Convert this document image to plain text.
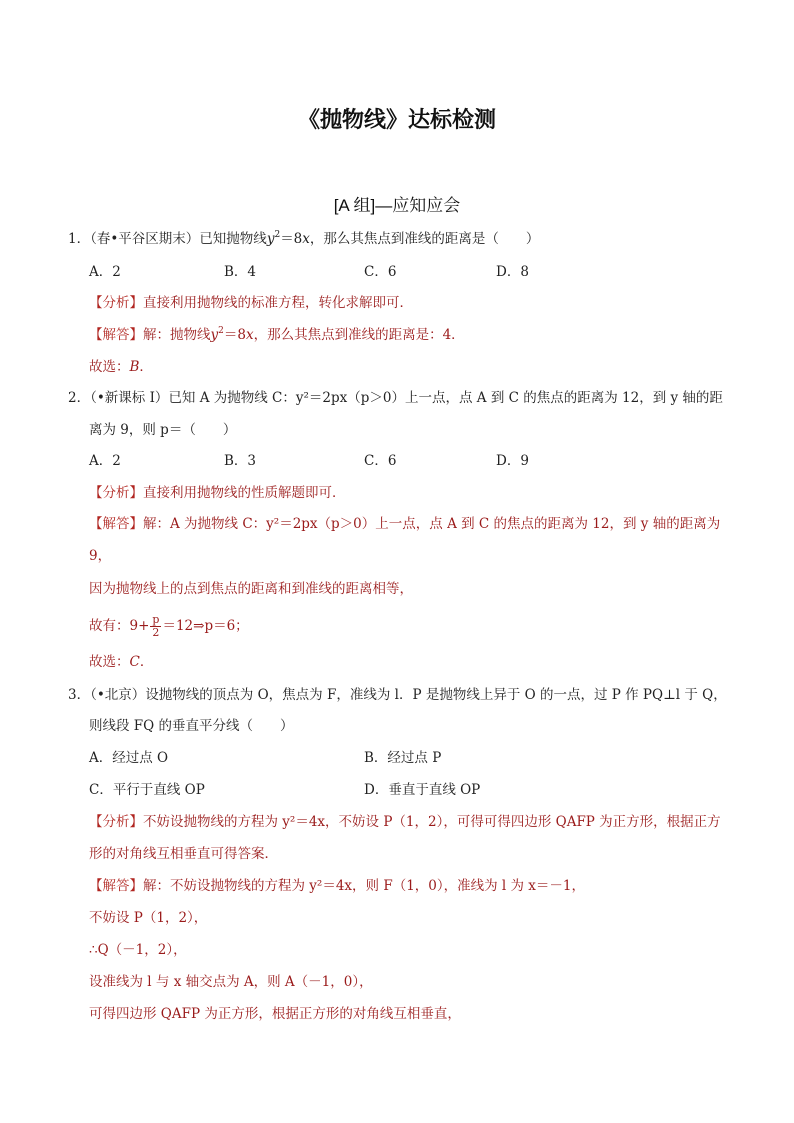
《抛物线》达标检测
[A 组]—应知应会
1．（春•平谷区期末）已知抛物线$y^2=8x$，那么其焦点到准线的距离是（　　）
A．2	B．4	C．6	D．8
【分析】直接利用抛物线的标准方程，转化求解即可．
【解答】解：抛物线$y^2=8x$，那么其焦点到准线的距离是：4．
故选：B．
2．（•新课标 I）已知 A 为抛物线 C：y²＝2px（p＞0）上一点，点 A 到 C 的焦点的距离为 12，到 y 轴的距
离为 9，则 p＝（　　）
A．2	B．3	C．6	D．9
【分析】直接利用抛物线的性质解题即可．
【解答】解：A 为抛物线 C：y²＝2px（p＞0）上一点，点 A 到 C 的焦点的距离为 12，到 y 轴的距离为
9，
因为抛物线上的点到焦点的距离和到准线的距离相等，
故有：$9+ \frac{p}{2}$ ＝12⇒p＝6；
故选：C．
3．（•北京）设抛物线的顶点为 O，焦点为 F，准线为 l．P 是抛物线上异于 O 的一点，过 P 作 PQ⊥l 于 Q，
则线段 FQ 的垂直平分线（　　）
A．经过点 O	B．经过点 P
C．平行于直线 OP	D．垂直于直线 OP
【分析】不妨设抛物线的方程为 y²＝4x，不妨设 P（1，2），可得可得四边形 QAFP 为正方形，根据正方
形的对角线互相垂直可得答案．
【解答】解：不妨设抛物线的方程为 y²＝4x，则 F（1，0），准线为 l 为 x＝－1，
不妨设 P（1，2），
∴Q（－1，2），
设准线为 l 与 x 轴交点为 A，则 A（－1，0），
可得四边形 QAFP 为正方形，根据正方形的对角线互相垂直，
